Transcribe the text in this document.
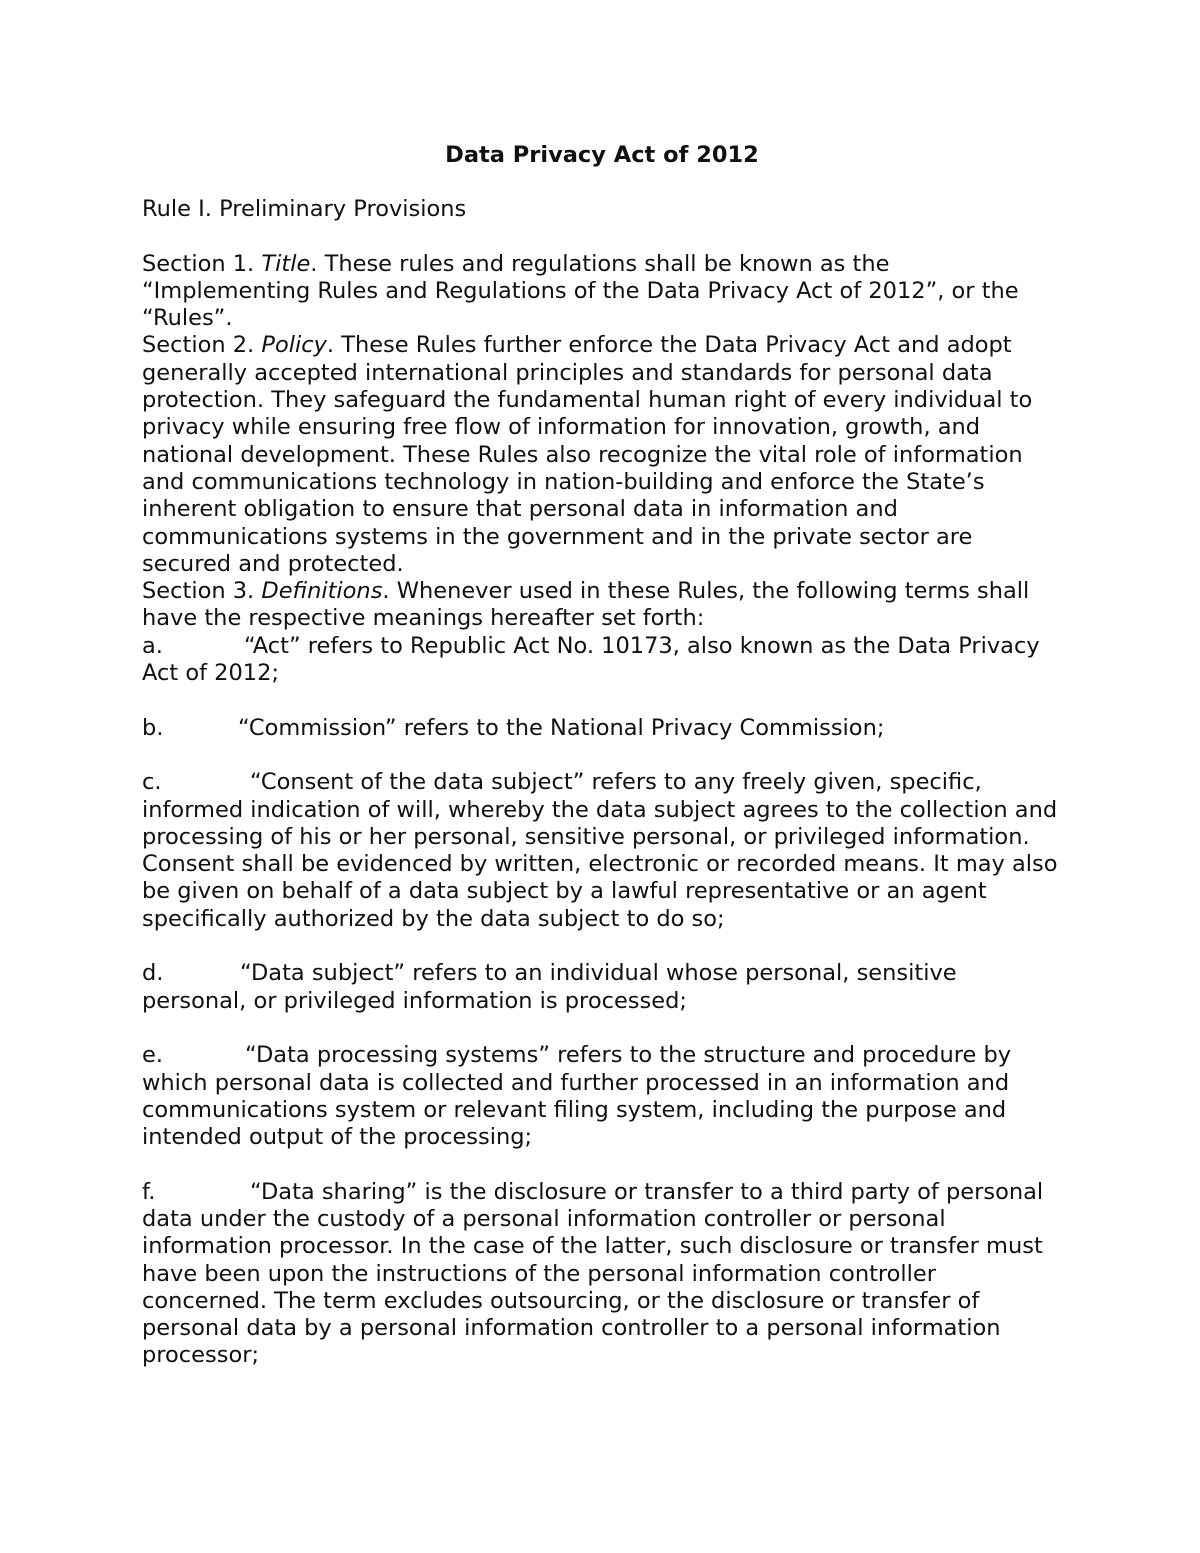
Data Privacy Act of 2012

Rule I. Preliminary Provisions

Section 1. Title. These rules and regulations shall be known as the “Implementing Rules and Regulations of the Data Privacy Act of 2012”, or the “Rules”.

Section 2. Policy. These Rules further enforce the Data Privacy Act and adopt generally accepted international principles and standards for personal data protection. They safeguard the fundamental human right of every individual to privacy while ensuring free flow of information for innovation, growth, and national development. These Rules also recognize the vital role of information and communications technology in nation-building and enforce the State’s inherent obligation to ensure that personal data in information and communications systems in the government and in the private sector are secured and protected.

Section 3. Definitions. Whenever used in these Rules, the following terms shall have the respective meanings hereafter set forth:

a.	“Act” refers to Republic Act No. 10173, also known as the Data Privacy Act of 2012;

b.	“Commission” refers to the National Privacy Commission;

c.	“Consent of the data subject” refers to any freely given, specific, informed indication of will, whereby the data subject agrees to the collection and processing of his or her personal, sensitive personal, or privileged information. Consent shall be evidenced by written, electronic or recorded means. It may also be given on behalf of a data subject by a lawful representative or an agent specifically authorized by the data subject to do so;

d.	“Data subject” refers to an individual whose personal, sensitive personal, or privileged information is processed;

e.	“Data processing systems” refers to the structure and procedure by which personal data is collected and further processed in an information and communications system or relevant filing system, including the purpose and intended output of the processing;

f.	“Data sharing” is the disclosure or transfer to a third party of personal data under the custody of a personal information controller or personal information processor. In the case of the latter, such disclosure or transfer must have been upon the instructions of the personal information controller concerned. The term excludes outsourcing, or the disclosure or transfer of personal data by a personal information controller to a personal information processor;
